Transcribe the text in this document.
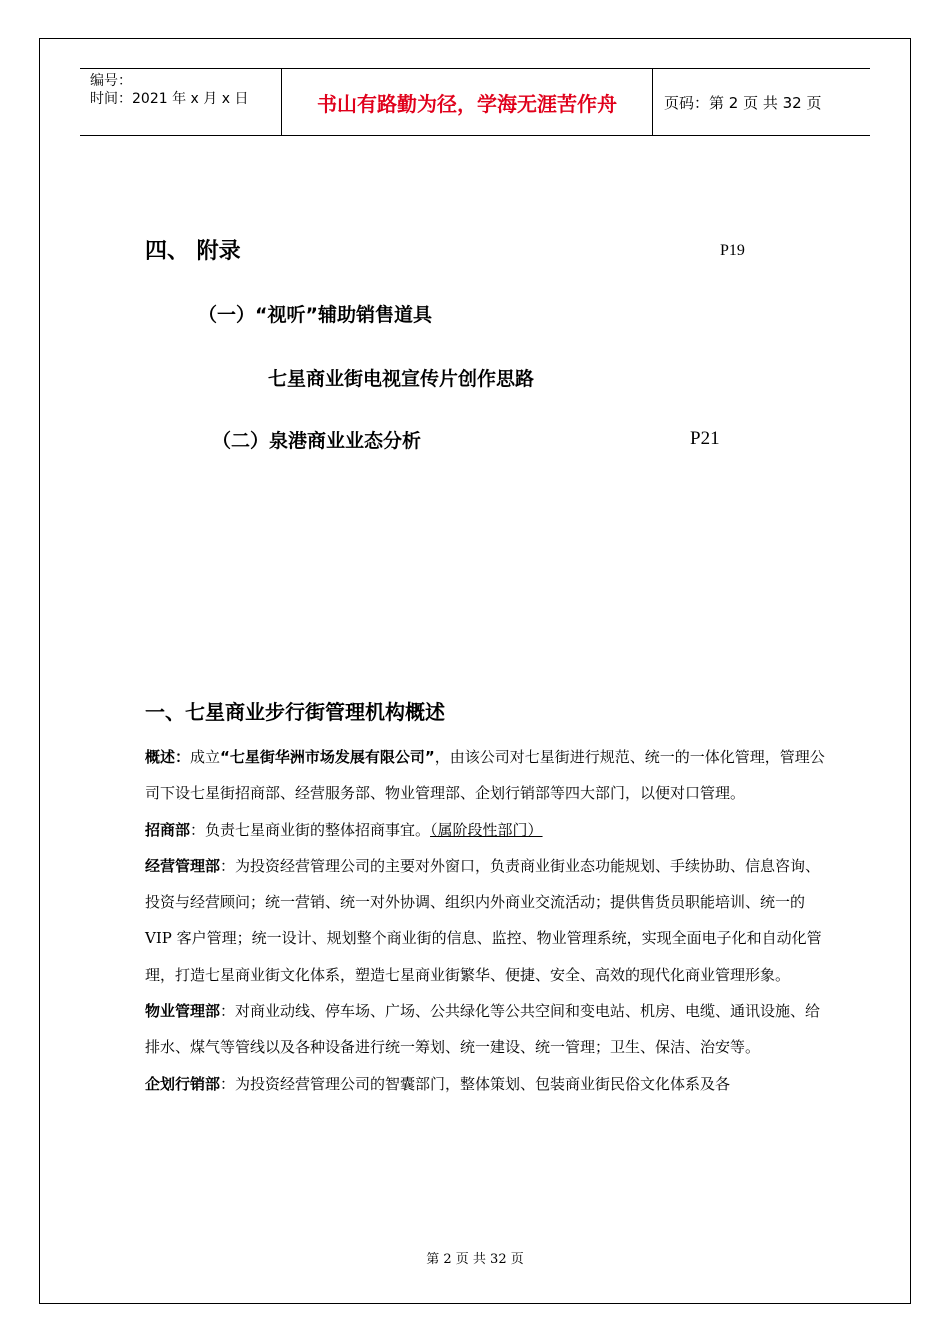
编号：
时间：2021 年 x 月 x 日	书山有路勤为径，学海无涯苦作舟	页码：第 2 页 共 32 页
四、 附录	P19
（一）“视听”辅助销售道具
七星商业街电视宣传片创作思路
（二）泉港商业业态分析	P21
一、七星商业步行街管理机构概述

概述：成立“七星街华洲市场发展有限公司”，由该公司对七星街进行规范、统一的一体化管理，管理公司下设七星街招商部、经营服务部、物业管理部、企划行销部等四大部门，以便对口管理。

招商部：负责七星商业街的整体招商事宜。（属阶段性部门）

经营管理部：为投资经营管理公司的主要对外窗口，负责商业街业态功能规划、手续协助、信息咨询、投资与经营顾问；统一营销、统一对外协调、组织内外商业交流活动；提供售货员职能培训、统一的 VIP 客户管理；统一设计、规划整个商业街的信息、监控、物业管理系统，实现全面电子化和自动化管理，打造七星商业街文化体系，塑造七星商业街繁华、便捷、安全、高效的现代化商业管理形象。

物业管理部：对商业动线、停车场、广场、公共绿化等公共空间和变电站、机房、电缆、通讯设施、给排水、煤气等管线以及各种设备进行统一筹划、统一建设、统一管理；卫生、保洁、治安等。

企划行销部：为投资经营管理公司的智囊部门，整体策划、包装商业街民俗文化体系及各

第 2 页 共 32 页
